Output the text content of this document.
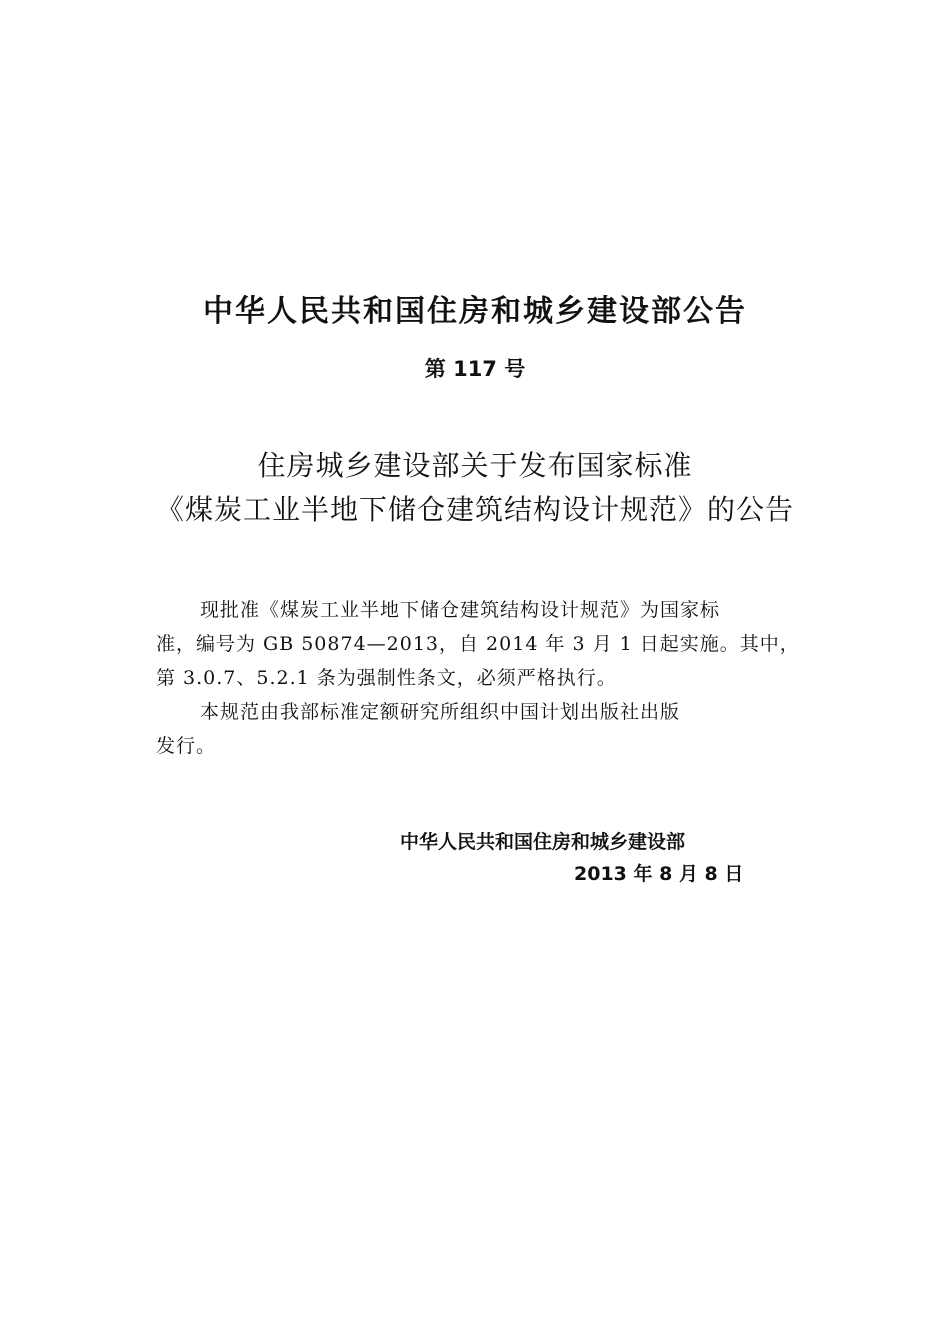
中华人民共和国住房和城乡建设部公告
第 117 号
住房城乡建设部关于发布国家标准
《煤炭工业半地下储仓建筑结构设计规范》的公告
现批准《煤炭工业半地下储仓建筑结构设计规范》为国家标
准，编号为 GB 50874—2013，自 2014 年 3 月 1 日起实施。其中，
第 3.0.7、5.2.1 条为强制性条文，必须严格执行。
本规范由我部标准定额研究所组织中国计划出版社出版
发行。
中华人民共和国住房和城乡建设部
2013 年 8 月 8 日
